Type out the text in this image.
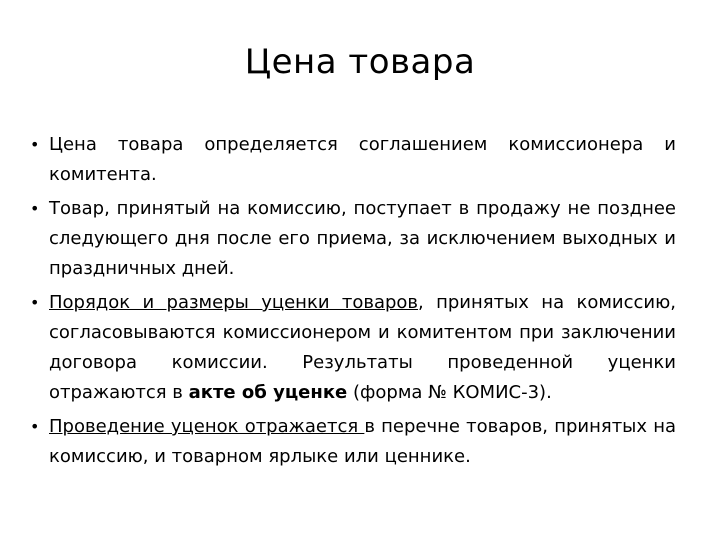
Цена товара
• Цена товара определяется соглашением комиссионера и комитента.
• Товар, принятый на комиссию, поступает в продажу не позднее следующего дня после его приема, за исключением выходных и праздничных дней.
• Порядок и размеры уценки товаров, принятых на комиссию, согласовываются комиссионером и комитентом при заключении договора комиссии. Результаты проведенной уценки отражаются в акте об уценке (форма № КОМИС-3).
• Проведение уценок отражается в перечне товаров, принятых на комиссию, и товарном ярлыке или ценнике.
